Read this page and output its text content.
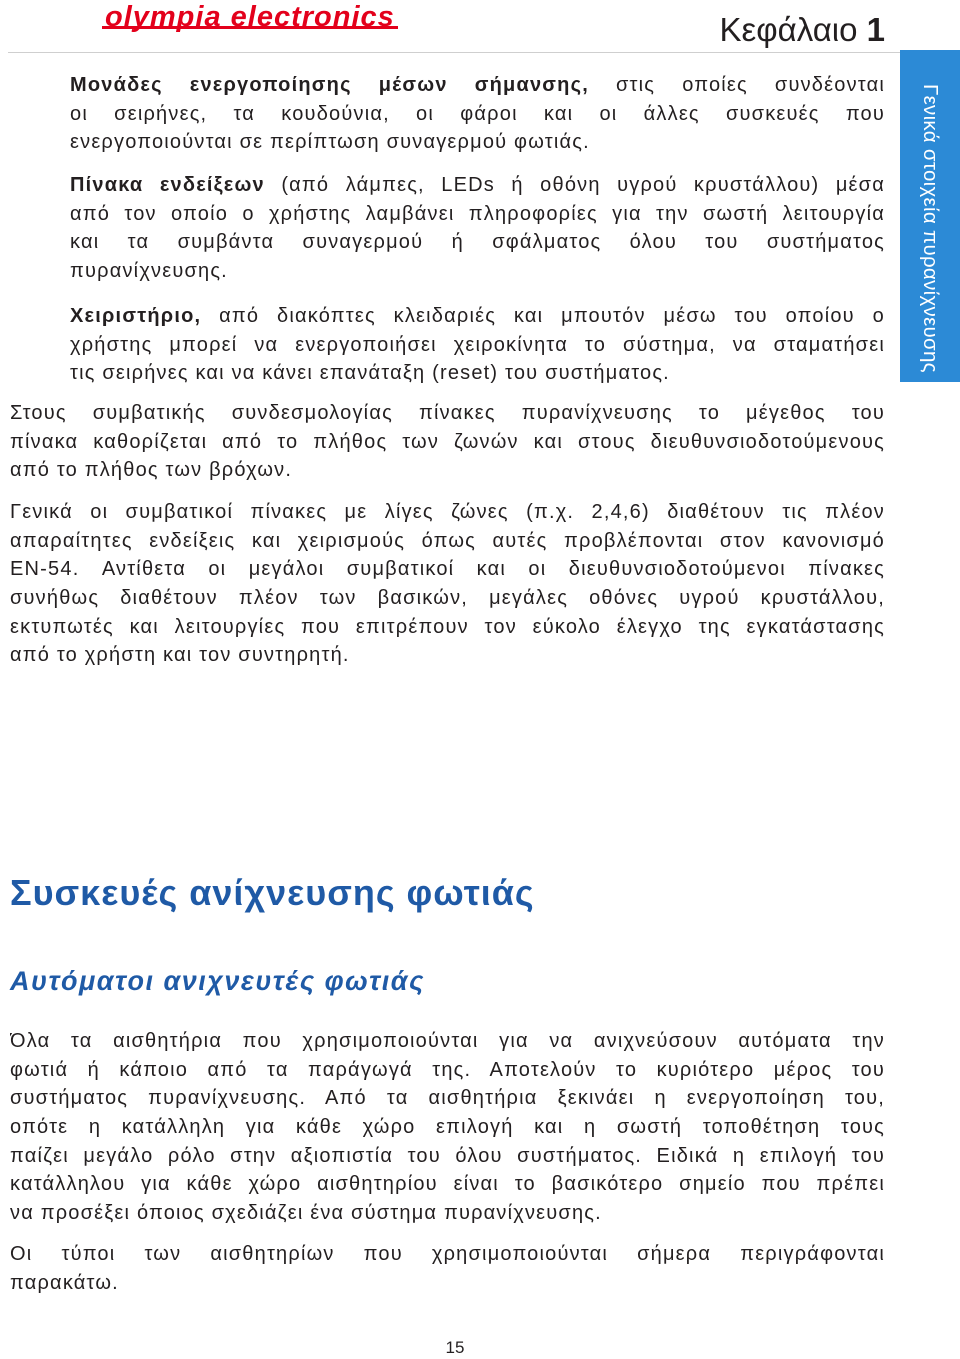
olympia electronics	Κεφάλαιο 1
Γενικά στοιχεία πυρανίχνευσης
Μονάδες ενεργοποίησης μέσων σήμανσης, στις οποίες συνδέονται
οι σειρήνες, τα κουδούνια, οι φάροι και οι άλλες συσκευές που
ενεργοποιούνται σε περίπτωση συναγερμού φωτιάς.
Πίνακα ενδείξεων (από λάμπες, LEDs ή οθόνη υγρού κρυστάλλου) μέσα
από τον οποίο ο χρήστης λαμβάνει πληροφορίες για την σωστή λειτουργία
και τα συμβάντα συναγερμού ή σφάλματος όλου του συστήματος
πυρανίχνευσης.
Χειριστήριο, από διακόπτες κλειδαριές και μπουτόν μέσω του οποίου ο
χρήστης μπορεί να ενεργοποιήσει χειροκίνητα το σύστημα, να σταματήσει
τις σειρήνες και να κάνει επανάταξη (reset) του συστήματος.
Στους συμβατικής συνδεσμολογίας πίνακες πυρανίχνευσης το μέγεθος του
πίνακα καθορίζεται από το πλήθος των ζωνών και στους διευθυνσιοδοτούμενους
από το πλήθος των βρόχων.
Γενικά οι συμβατικοί πίνακες με λίγες ζώνες (π.χ. 2,4,6) διαθέτουν τις πλέον
απαραίτητες ενδείξεις και χειρισμούς όπως αυτές προβλέπονται στον κανονισμό
EN-54. Αντίθετα οι μεγάλοι συμβατικοί και οι διευθυνσιοδοτούμενοι πίνακες
συνήθως διαθέτουν πλέον των βασικών, μεγάλες οθόνες υγρού κρυστάλλου,
εκτυπωτές και λειτουργίες που επιτρέπουν τον εύκολο έλεγχο της εγκατάστασης
από το χρήστη και τον συντηρητή.
Συσκευές ανίχνευσης φωτιάς
Αυτόματοι ανιχνευτές φωτιάς
Όλα τα αισθητήρια που χρησιμοποιούνται για να ανιχνεύσουν αυτόματα την
φωτιά ή κάποιο από τα παράγωγά της. Αποτελούν το κυριότερο μέρος του
συστήματος πυρανίχνευσης. Από τα αισθητήρια ξεκινάει η ενεργοποίηση του,
οπότε η κατάλληλη για κάθε χώρο επιλογή και η σωστή τοποθέτηση τους
παίζει μεγάλο ρόλο στην αξιοπιστία του όλου συστήματος. Ειδικά η επιλογή του
κατάλληλου για κάθε χώρο αισθητηρίου είναι το βασικότερο σημείο που πρέπει
να προσέξει όποιος σχεδιάζει ένα σύστημα πυρανίχνευσης.
Οι τύποι των αισθητηρίων που χρησιμοποιούνται σήμερα περιγράφονται
παρακάτω.
15
